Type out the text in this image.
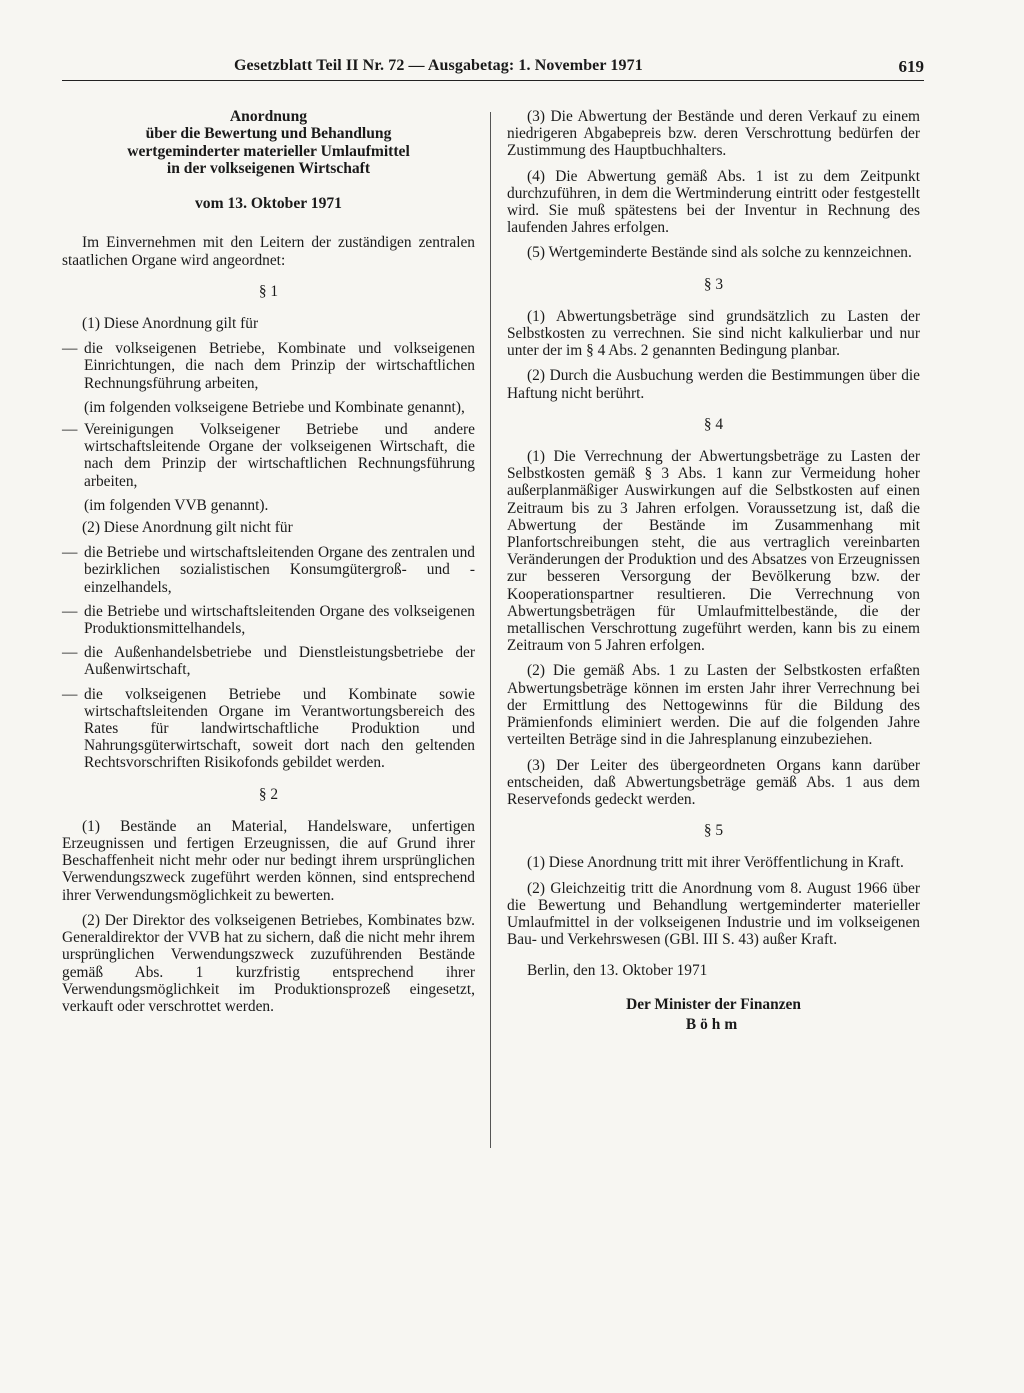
Gesetzblatt Teil II Nr. 72 — Ausgabetag: 1. November 1971	619
Anordnung
über die Bewertung und Behandlung
wertgeminderter materieller Umlaufmittel
in der volkseigenen Wirtschaft
vom 13. Oktober 1971

Im Einvernehmen mit den Leitern der zuständigen zentralen staatlichen Organe wird angeordnet:

§ 1

(1) Diese Anordnung gilt für

— die volkseigenen Betriebe, Kombinate und volkseigenen Einrichtungen, die nach dem Prinzip der wirtschaftlichen Rechnungsführung arbeiten,

(im folgenden volkseigene Betriebe und Kombinate genannt),

— Vereinigungen Volkseigener Betriebe und andere wirtschaftsleitende Organe der volkseigenen Wirtschaft, die nach dem Prinzip der wirtschaftlichen Rechnungsführung arbeiten,

(im folgenden VVB genannt).

(2) Diese Anordnung gilt nicht für

— die Betriebe und wirtschaftsleitenden Organe des zentralen und bezirklichen sozialistischen Konsumgütergroß- und -einzelhandels,
— die Betriebe und wirtschaftsleitenden Organe des volkseigenen Produktionsmittelhandels,
— die Außenhandelsbetriebe und Dienstleistungsbetriebe der Außenwirtschaft,
— die volkseigenen Betriebe und Kombinate sowie wirtschaftsleitenden Organe im Verantwortungsbereich des Rates für landwirtschaftliche Produktion und Nahrungsgüterwirtschaft, soweit dort nach den geltenden Rechtsvorschriften Risikofonds gebildet werden.
§ 2

(1) Bestände an Material, Handelsware, unfertigen Erzeugnissen und fertigen Erzeugnissen, die auf Grund ihrer Beschaffenheit nicht mehr oder nur bedingt ihrem ursprünglichen Verwendungszweck zugeführt werden können, sind entsprechend ihrer Verwendungsmöglichkeit zu bewerten.

(2) Der Direktor des volkseigenen Betriebes, Kombinates bzw. Generaldirektor der VVB hat zu sichern, daß die nicht mehr ihrem ursprünglichen Verwendungszweck zuzuführenden Bestände gemäß Abs. 1 kurzfristig entsprechend ihrer Verwendungsmöglichkeit im Produktionsprozeß eingesetzt, verkauft oder verschrottet werden.

(3) Die Abwertung der Bestände und deren Verkauf zu einem niedrigeren Abgabepreis bzw. deren Verschrottung bedürfen der Zustimmung des Hauptbuchhalters.

(4) Die Abwertung gemäß Abs. 1 ist zu dem Zeitpunkt durchzuführen, in dem die Wertminderung eintritt oder festgestellt wird. Sie muß spätestens bei der Inventur in Rechnung des laufenden Jahres erfolgen.

(5) Wertgeminderte Bestände sind als solche zu kennzeichnen.

§ 3

(1) Abwertungsbeträge sind grundsätzlich zu Lasten der Selbstkosten zu verrechnen. Sie sind nicht kalkulierbar und nur unter der im § 4 Abs. 2 genannten Bedingung planbar.

(2) Durch die Ausbuchung werden die Bestimmungen über die Haftung nicht berührt.

§ 4

(1) Die Verrechnung der Abwertungsbeträge zu Lasten der Selbstkosten gemäß § 3 Abs. 1 kann zur Vermeidung hoher außerplanmäßiger Auswirkungen auf die Selbstkosten auf einen Zeitraum bis zu 3 Jahren erfolgen. Voraussetzung ist, daß die Abwertung der Bestände im Zusammenhang mit Planfortschreibungen steht, die aus vertraglich vereinbarten Veränderungen der Produktion und des Absatzes von Erzeugnissen zur besseren Versorgung der Bevölkerung bzw. der Kooperationspartner resultieren. Die Verrechnung von Abwertungsbeträgen für Umlaufmittelbestände, die der metallischen Verschrottung zugeführt werden, kann bis zu einem Zeitraum von 5 Jahren erfolgen.

(2) Die gemäß Abs. 1 zu Lasten der Selbstkosten erfaßten Abwertungsbeträge können im ersten Jahr ihrer Verrechnung bei der Ermittlung des Nettogewinns für die Bildung des Prämienfonds eliminiert werden. Die auf die folgenden Jahre verteilten Beträge sind in die Jahresplanung einzubeziehen.

(3) Der Leiter des übergeordneten Organs kann darüber entscheiden, daß Abwertungsbeträge gemäß Abs. 1 aus dem Reservefonds gedeckt werden.

§ 5

(1) Diese Anordnung tritt mit ihrer Veröffentlichung in Kraft.

(2) Gleichzeitig tritt die Anordnung vom 8. August 1966 über die Bewertung und Behandlung wertgeminderter materieller Umlaufmittel in der volkseigenen Industrie und im volkseigenen Bau- und Verkehrswesen (GBl. III S. 43) außer Kraft.

Berlin, den 13. Oktober 1971

Der Minister der Finanzen
Böhm
